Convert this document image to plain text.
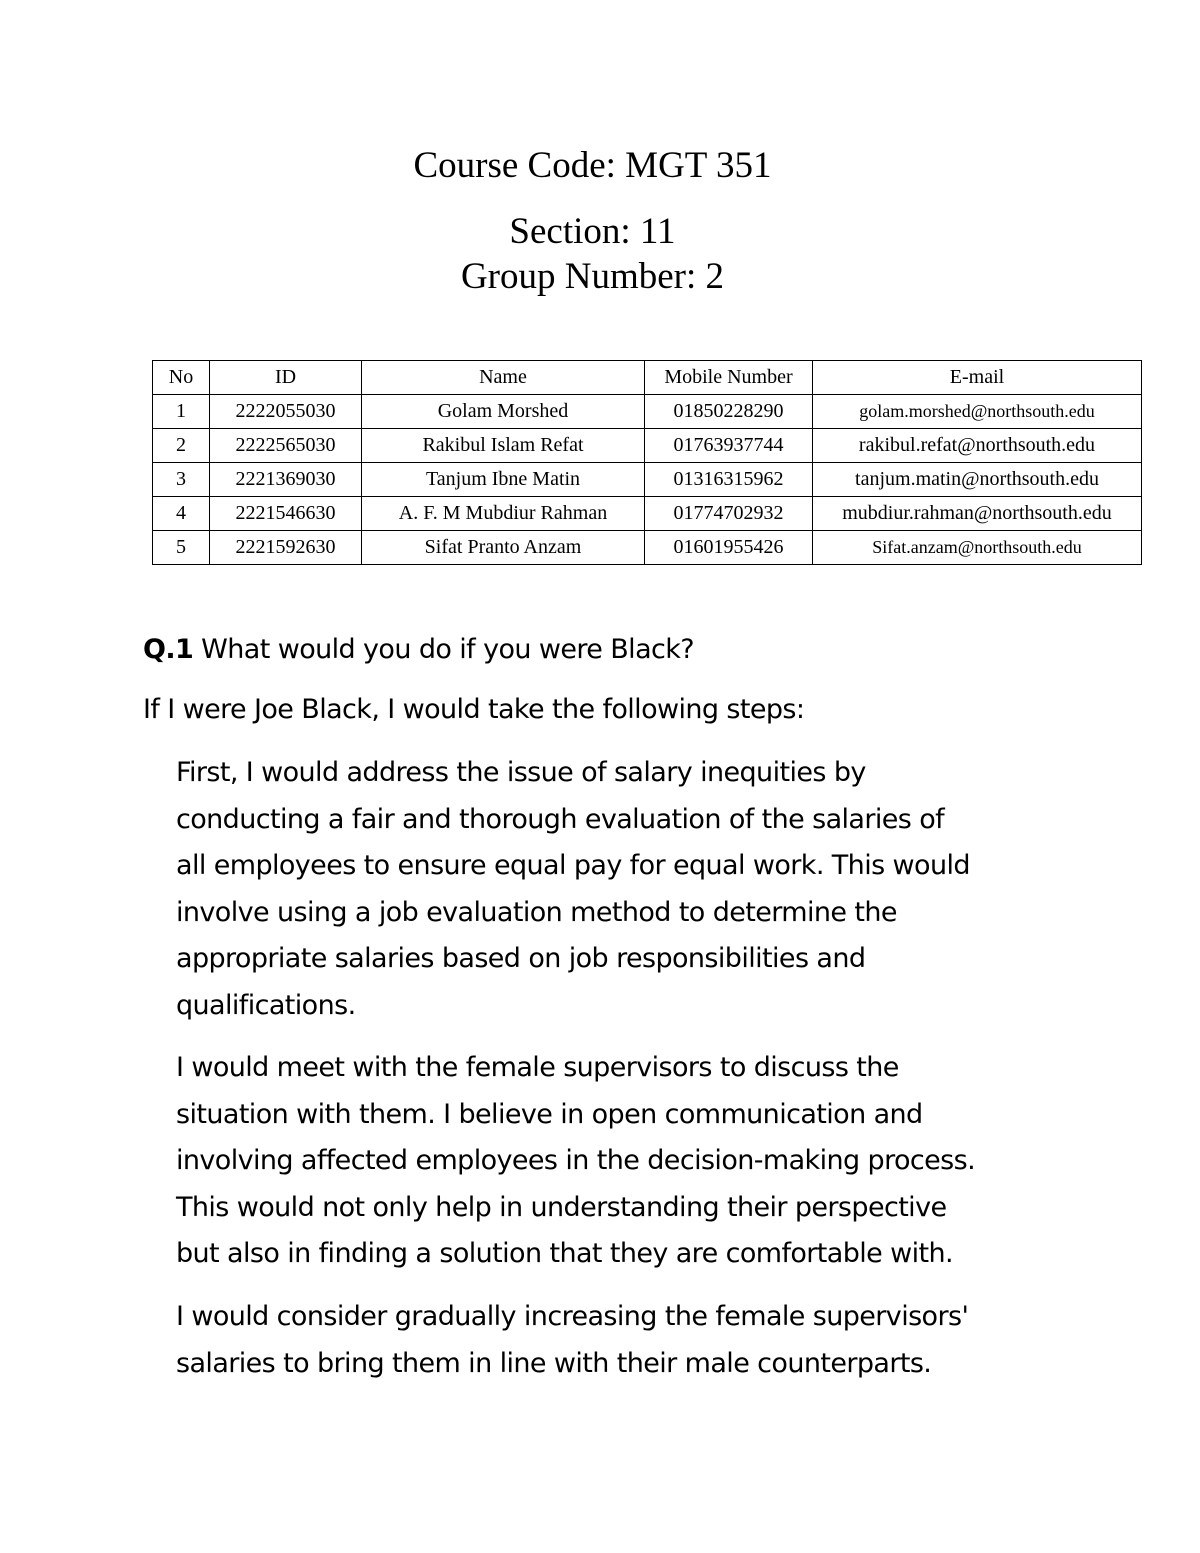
Course Code: MGT 351
Section: 11
Group Number: 2
No	ID	Name	Mobile Number	E-mail
1	2222055030	Golam Morshed	01850228290	golam.morshed@northsouth.edu
2	2222565030	Rakibul Islam Refat	01763937744	rakibul.refat@northsouth.edu
3	2221369030	Tanjum Ibne Matin	01316315962	tanjum.matin@northsouth.edu
4	2221546630	A. F. M Mubdiur Rahman	01774702932	mubdiur.rahman@northsouth.edu
5	2221592630	Sifat Pranto Anzam	01601955426	Sifat.anzam@northsouth.edu
Q.1 What would you do if you were Black?
If I were Joe Black, I would take the following steps:
First, I would address the issue of salary inequities by
conducting a fair and thorough evaluation of the salaries of
all employees to ensure equal pay for equal work. This would
involve using a job evaluation method to determine the
appropriate salaries based on job responsibilities and
qualifications.
I would meet with the female supervisors to discuss the
situation with them. I believe in open communication and
involving affected employees in the decision-making process.
This would not only help in understanding their perspective
but also in finding a solution that they are comfortable with.
I would consider gradually increasing the female supervisors'
salaries to bring them in line with their male counterparts.
